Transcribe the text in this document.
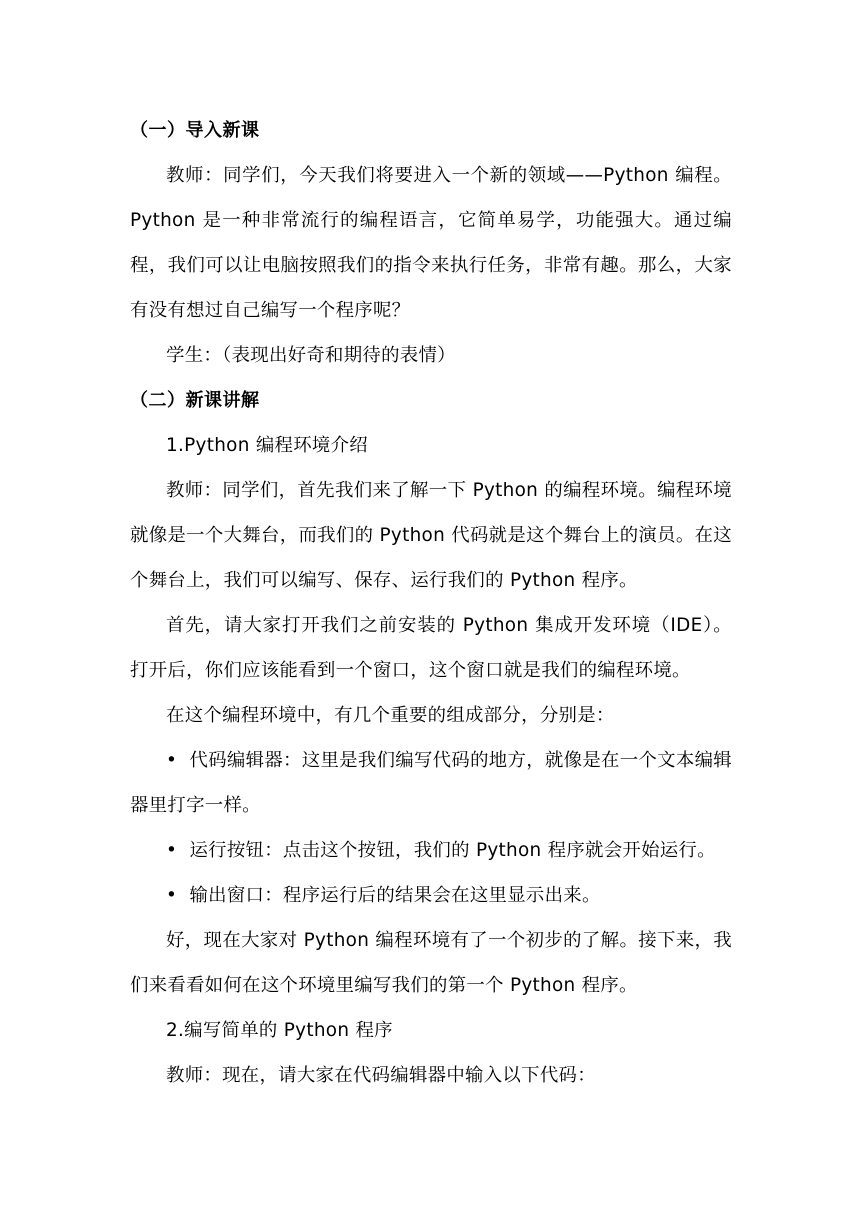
（一）导入新课

教师：同学们，今天我们将要进入一个新的领域——Python 编程。Python 是一种非常流行的编程语言，它简单易学，功能强大。通过编程，我们可以让电脑按照我们的指令来执行任务，非常有趣。那么，大家有没有想过自己编写一个程序呢？

学生：（表现出好奇和期待的表情）

（二）新课讲解

1.Python 编程环境介绍

教师：同学们，首先我们来了解一下 Python 的编程环境。编程环境就像是一个大舞台，而我们的 Python 代码就是这个舞台上的演员。在这个舞台上，我们可以编写、保存、运行我们的 Python 程序。

首先，请大家打开我们之前安装的 Python 集成开发环境（IDE）。打开后，你们应该能看到一个窗口，这个窗口就是我们的编程环境。

在这个编程环境中，有几个重要的组成部分，分别是：

• 代码编辑器：这里是我们编写代码的地方，就像是在一个文本编辑器里打字一样。

• 运行按钮：点击这个按钮，我们的 Python 程序就会开始运行。

• 输出窗口：程序运行后的结果会在这里显示出来。

好，现在大家对 Python 编程环境有了一个初步的了解。接下来，我们来看看如何在这个环境里编写我们的第一个 Python 程序。

2.编写简单的 Python 程序

教师：现在，请大家在代码编辑器中输入以下代码：
